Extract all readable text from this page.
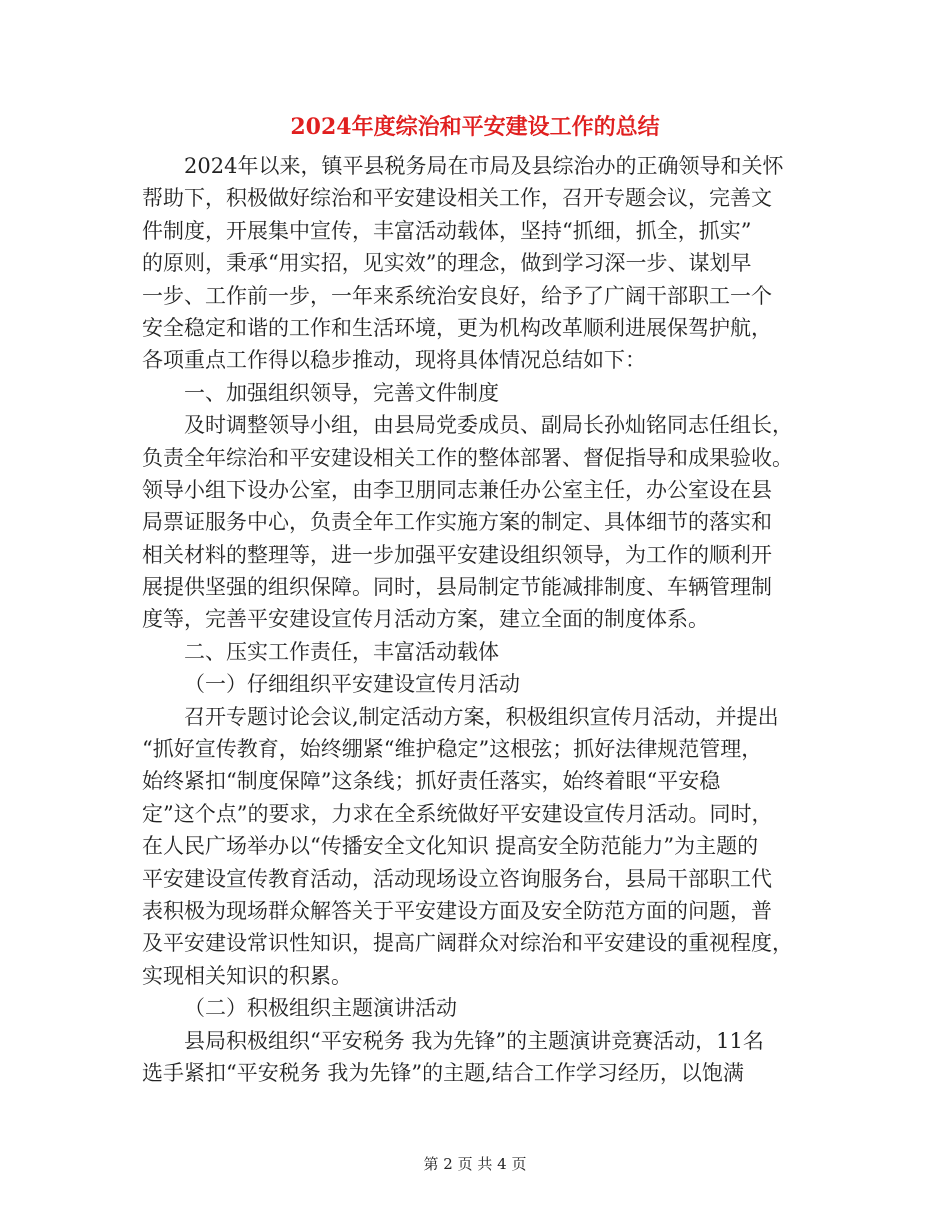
2024年度综治和平安建设工作的总结
2024年以来，镇平县税务局在市局及县综治办的正确领导和关怀
帮助下，积极做好综治和平安建设相关工作，召开专题会议，完善文
件制度，开展集中宣传，丰富活动载体，坚持“抓细，抓全，抓实”
的原则，秉承“用实招，见实效”的理念，做到学习深一步、谋划早
一步、工作前一步，一年来系统治安良好，给予了广阔干部职工一个
安全稳定和谐的工作和生活环境，更为机构改革顺利进展保驾护航，
各项重点工作得以稳步推动，现将具体情况总结如下：
一、加强组织领导，完善文件制度
及时调整领导小组，由县局党委成员、副局长孙灿铭同志任组长，
负责全年综治和平安建设相关工作的整体部署、督促指导和成果验收。
领导小组下设办公室，由李卫朋同志兼任办公室主任，办公室设在县
局票证服务中心，负责全年工作实施方案的制定、具体细节的落实和
相关材料的整理等，进一步加强平安建设组织领导，为工作的顺利开
展提供坚强的组织保障。同时，县局制定节能减排制度、车辆管理制
度等，完善平安建设宣传月活动方案，建立全面的制度体系。
二、压实工作责任，丰富活动载体
（一）仔细组织平安建设宣传月活动
召开专题讨论会议,制定活动方案，积极组织宣传月活动，并提出
“抓好宣传教育，始终绷紧“维护稳定”这根弦；抓好法律规范管理，
始终紧扣“制度保障”这条线；抓好责任落实，始终着眼“平安稳
定”这个点”的要求，力求在全系统做好平安建设宣传月活动。同时，
在人民广场举办以“传播安全文化知识 提高安全防范能力”为主题的
平安建设宣传教育活动，活动现场设立咨询服务台，县局干部职工代
表积极为现场群众解答关于平安建设方面及安全防范方面的问题，普
及平安建设常识性知识，提高广阔群众对综治和平安建设的重视程度，
实现相关知识的积累。
（二）积极组织主题演讲活动
县局积极组织“平安税务 我为先锋”的主题演讲竞赛活动，11名
选手紧扣“平安税务 我为先锋”的主题,结合工作学习经历，以饱满
第 2 页 共 4 页
